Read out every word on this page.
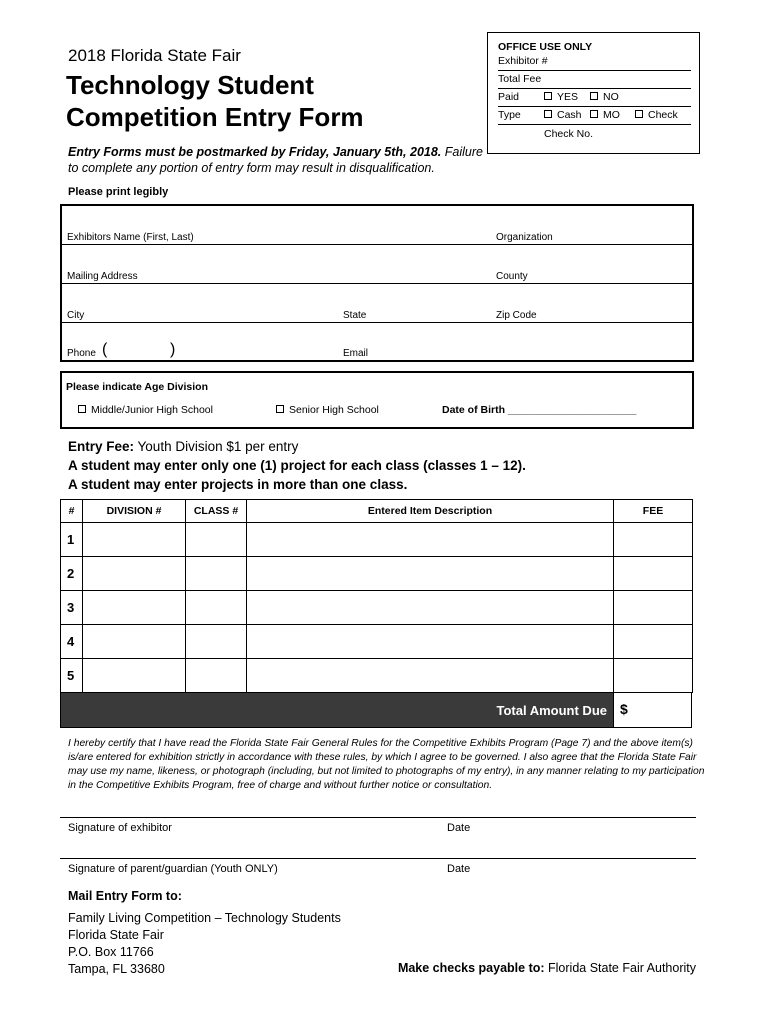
2018 Florida State Fair
Technology Student
Competition Entry Form
OFFICE USE ONLY
Exhibitor #
Total Fee
Paid	YES	NO
Type	Cash	MO	Check
Check No.
Entry Forms must be postmarked by Friday, January 5th, 2018. Failure to complete any portion of entry form may result in disqualification.
Please print legibly
Exhibitors Name (First, Last)	Organization
Mailing Address	County
City	State	Zip Code
Phone (	)	Email
Please indicate Age Division
Middle/Junior High School	Senior High School	Date of Birth ______________________
Entry Fee: Youth Division $1 per entry
A student may enter only one (1) project for each class (classes 1 – 12).
A student may enter projects in more than one class.
#	DIVISION #	CLASS #	Entered Item Description	FEE
1				
2				
3				
4				
5				
Total Amount Due $
I hereby certify that I have read the Florida State Fair General Rules for the Competitive Exhibits Program (Page 7) and the above item(s) is/are entered for exhibition strictly in accordance with these rules, by which I agree to be governed. I also agree that the Florida State Fair may use my name, likeness, or photograph (including, but not limited to photographs of my entry), in any manner relating to my participation in the Competitive Exhibits Program, free of charge and without further notice or consultation.
Signature of exhibitor	Date
Signature of parent/guardian (Youth ONLY)	Date
Mail Entry Form to:
Family Living Competition – Technology Students
Florida State Fair
P.O. Box 11766
Tampa, FL 33680	Make checks payable to: Florida State Fair Authority
